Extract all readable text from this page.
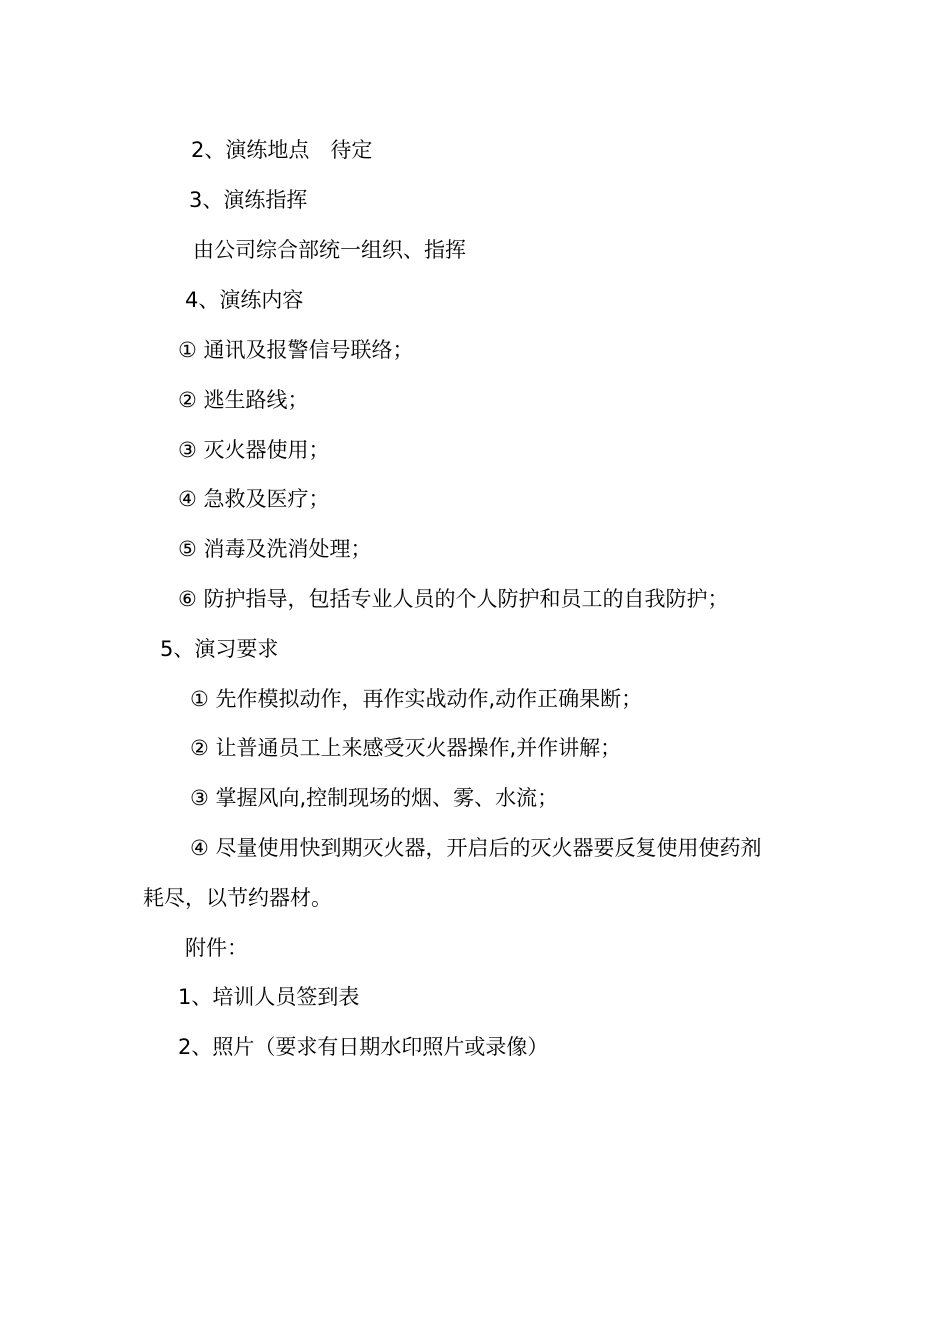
2、演练地点　待定
3、演练指挥
由公司综合部统一组织、指挥
4、演练内容
① 通讯及报警信号联络；
② 逃生路线；
③ 灭火器使用；
④ 急救及医疗；
⑤ 消毒及洗消处理；
⑥ 防护指导，包括专业人员的个人防护和员工的自我防护；
5、演习要求
① 先作模拟动作，再作实战动作,动作正确果断；
② 让普通员工上来感受灭火器操作,并作讲解；
③ 掌握风向,控制现场的烟、雾、水流；
④ 尽量使用快到期灭火器，开启后的灭火器要反复使用使药剂
耗尽，以节约器材。
附件：
1、培训人员签到表
2、照片（要求有日期水印照片或录像）
